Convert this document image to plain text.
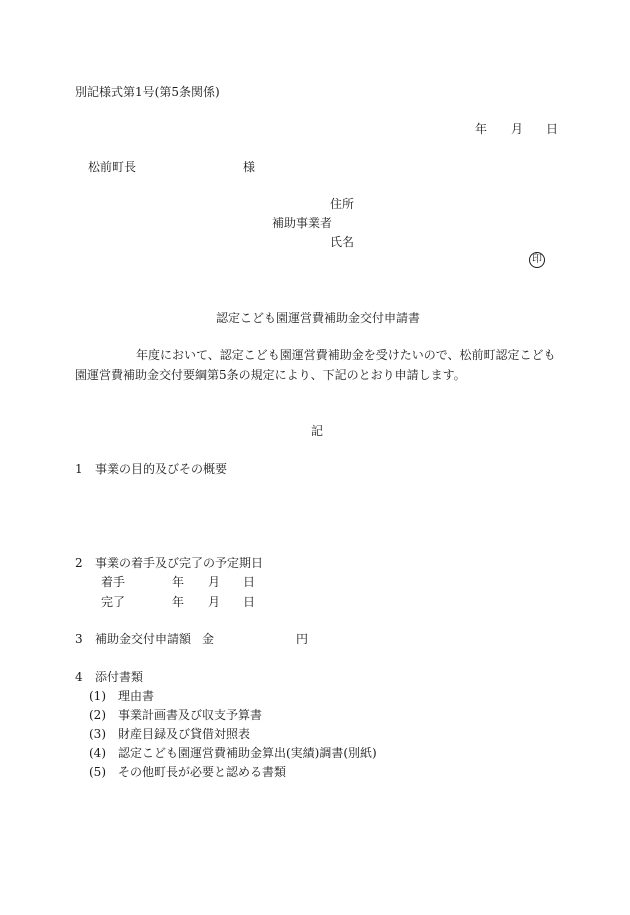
別記様式第1号(第5条関係)
年 月 日
松前町長	様
住所
補助事業者
氏名
印
認定こども園運営費補助金交付申請書
年度において、認定こども園運営費補助金を受けたいので、松前町認定こども
園運営費補助金交付要綱第5条の規定により、下記のとおり申請します。
記
1 事業の目的及びその概要
2 事業の着手及び完了の予定期日
着手	年 月 日
完了	年 月 日
3 補助金交付申請額 金	円
4 添付書類
(1) 理由書
(2) 事業計画書及び収支予算書
(3) 財産目録及び貸借対照表
(4) 認定こども園運営費補助金算出(実績)調書(別紙)
(5) その他町長が必要と認める書類
